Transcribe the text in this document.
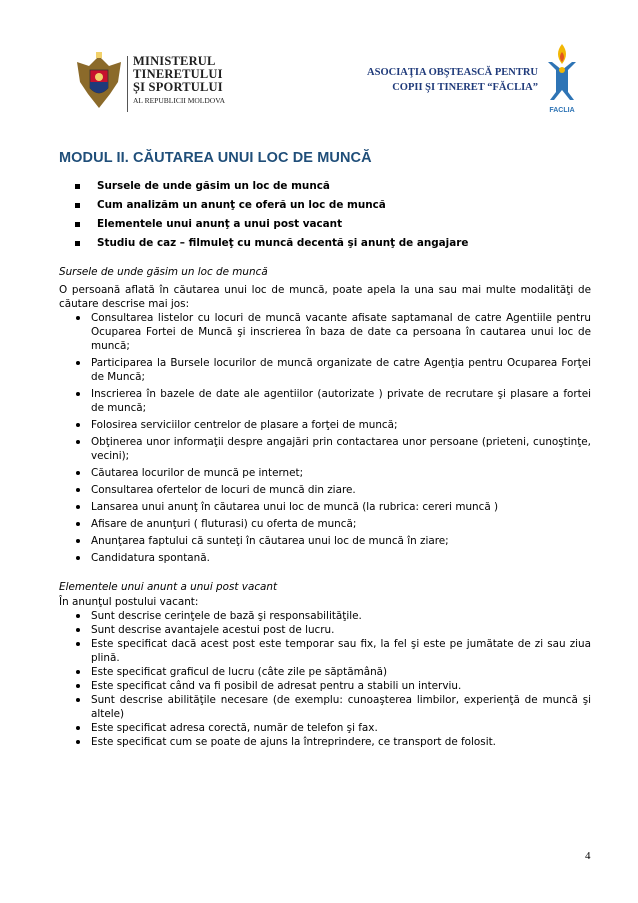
MINISTERUL
TINERETULUI
ȘI SPORTULUI
AL REPUBLICII MOLDOVA
ASOCIAŢIA OBŞTEASCĂ PENTRU
COPII ŞI TINERET “FĂCLIA”
FACLIA
MODUL II. CĂUTAREA UNUI LOC DE MUNCĂ
Sursele de unde găsim un loc de muncă
Cum analizăm un anunţ ce oferă un loc de muncă
Elementele unui anunţ a unui post vacant
Studiu de caz – filmuleţ cu muncă decentă şi anunţ de angajare

Sursele de unde găsim un loc de muncă

O persoană aflată în căutarea unui loc de muncă, poate apela la una sau mai multe modalităţi de căutare descrise mai jos:

Consultarea listelor cu locuri de muncă vacante afisate saptamanal de catre Agentiile pentru Ocuparea Fortei de Muncă şi inscrierea în baza de date ca persoana în cautarea unui loc de muncă;
Participarea la Bursele locurilor de muncă organizate de catre Agenţia pentru Ocuparea Forţei de Muncă;
Inscrierea în bazele de date ale agentiilor (autorizate ) private de recrutare şi plasare a fortei de muncă;
Folosirea serviciilor centrelor de plasare a forţei de muncă;
Obţinerea unor informaţii despre angajări prin contactarea unor persoane (prieteni, cunoştinţe, vecini);
Căutarea locurilor de muncă pe internet;
Consultarea ofertelor de locuri de muncă din ziare.
Lansarea unui anunţ în căutarea unui loc de muncă (la rubrica: cereri muncă )
Afisare de anunţuri ( fluturasi) cu oferta de muncă;
Anunţarea faptului că sunteţi în căutarea unui loc de muncă în ziare;
Candidatura spontană.

Elementele unui anunt a unui post vacant

În anunţul postului vacant:

Sunt descrise cerinţele de bază şi responsabilităţile.
Sunt descrise avantajele acestui post de lucru.
Este specificat dacă acest post este temporar sau fix, la fel şi este pe jumătate de zi sau ziua plină.
Este specificat graficul de lucru (câte zile pe săptămână)
Este specificat când va fi posibil de adresat pentru a stabili un interviu.
Sunt descrise abilităţile necesare (de exemplu: cunoaşterea limbilor, experienţă de muncă şi altele)
Este specificat adresa corectă, număr de telefon şi fax.
Este specificat cum se poate de ajuns la întreprindere, ce transport de folosit.
4
